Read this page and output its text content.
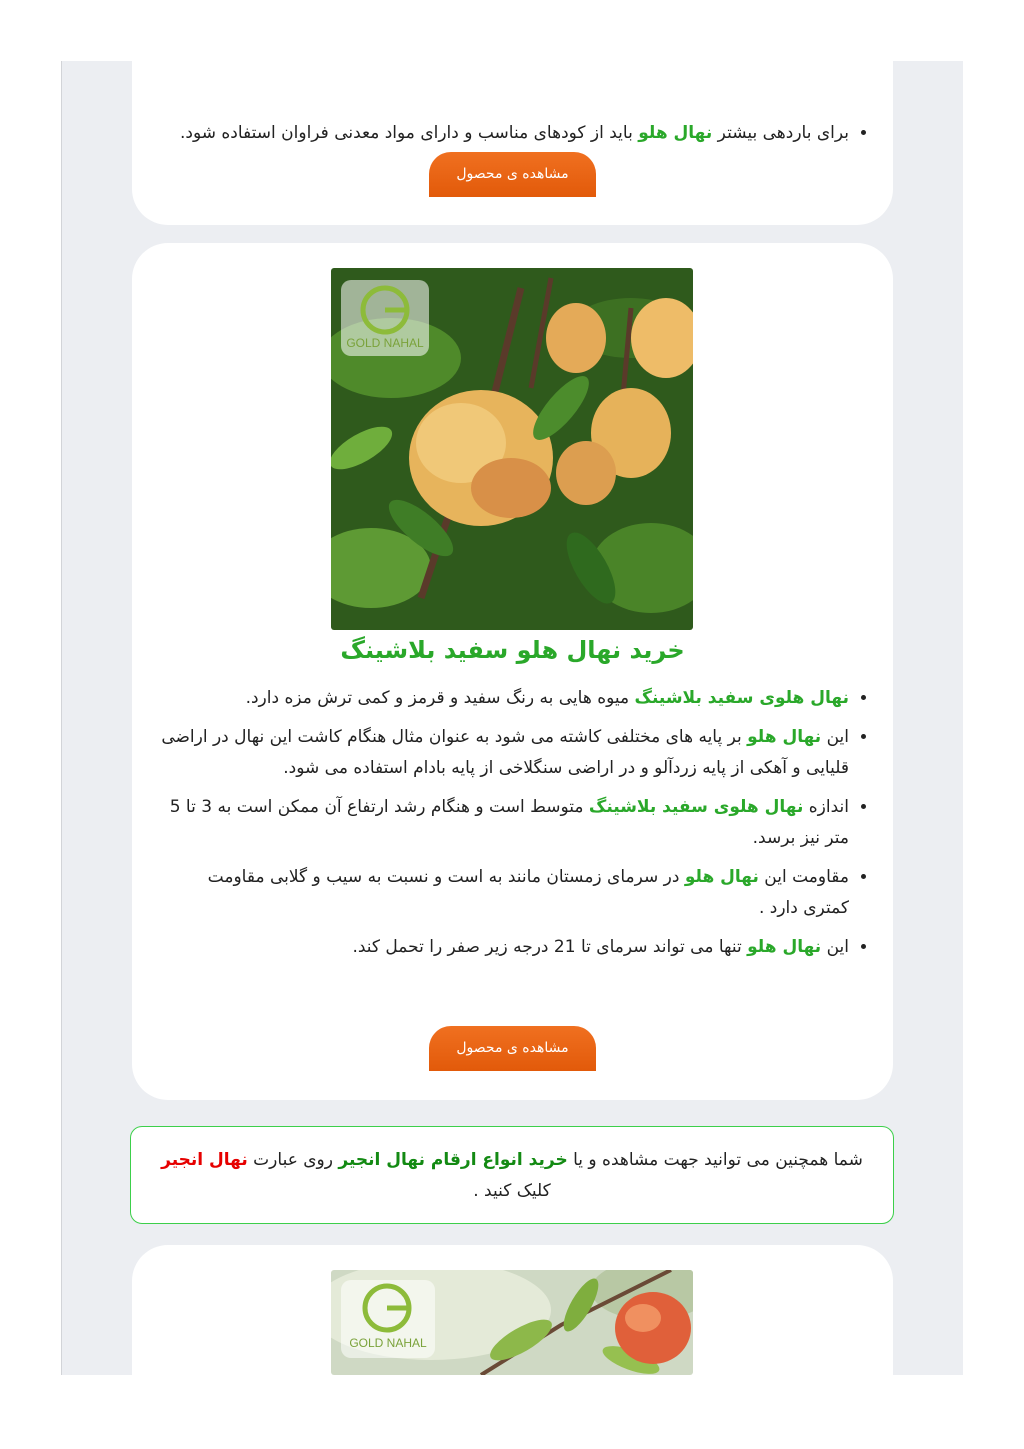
• برای باردهی بیشتر نهال هلو باید از کودهای مناسب و دارای مواد معدنی فراوان استفاده شود.
مشاهده ی محصول
GOLD NAHAL
خرید نهال هلو سفید بلاشینگ
• نهال هلوی سفید بلاشینگ میوه هایی به رنگ سفید و قرمز و کمی ترش مزه دارد.
• این نهال هلو بر پایه های مختلفی کاشته می شود به عنوان مثال هنگام کاشت این نهال در اراضی قلیایی و آهکی از پایه زردآلو و در اراضی سنگلاخی از پایه بادام استفاده می شود.
• اندازه نهال هلوی سفید بلاشینگ متوسط است و هنگام رشد ارتفاع آن ممکن است به 3 تا 5 متر نیز برسد.
• مقاومت این نهال هلو در سرمای زمستان مانند به است و نسبت به سیب و گلابی مقاومت کمتری دارد .
• این نهال هلو تنها می تواند سرمای تا 21 درجه زیر صفر را تحمل کند.
مشاهده ی محصول
شما همچنین می توانید جهت مشاهده و یا خرید انواع ارقام نهال انجیر روی عبارت نهال انجیر کلیک کنید .
GOLD NAHAL
